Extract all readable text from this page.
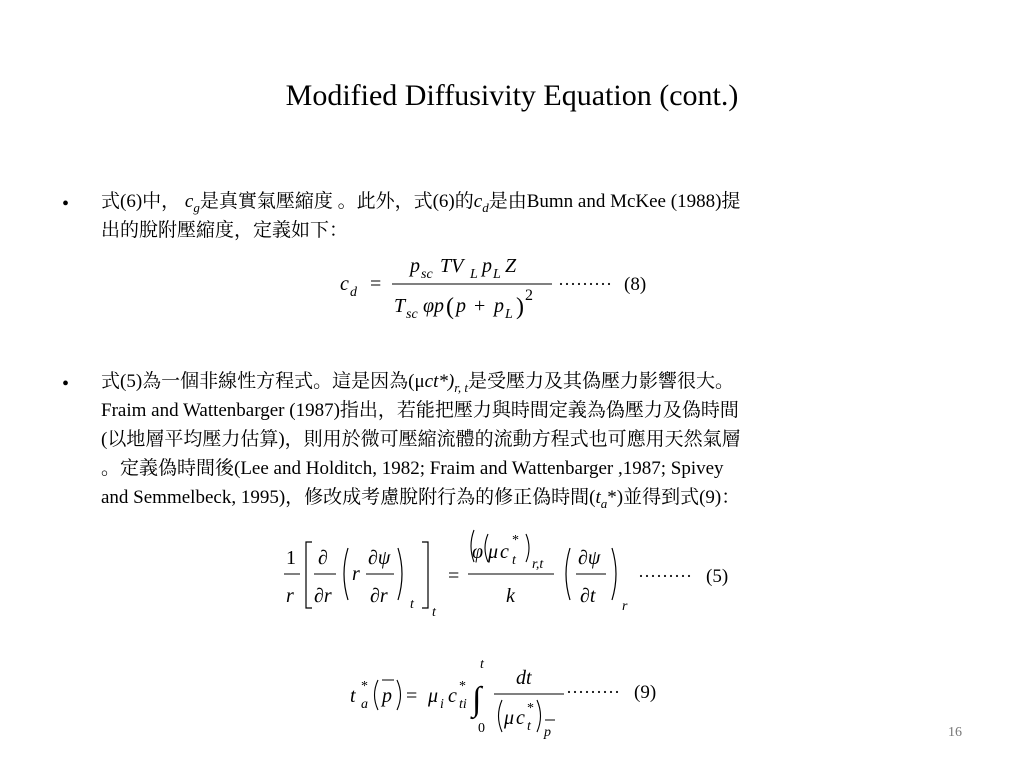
Modified Diffusivity Equation (cont.)
• 式(6)中， $c_g$是真實氣壓縮度 。此外，式(6)的$c_d$是由Bumn and McKee (1988)提
出的脫附壓縮度，定義如下：
c d =
p sc TV L p L Z
T sc φ p ( p + p L ) 2
········· (8)
• 式(5)為一個非線性方程式。這是因為$(\mu ct*)_{r, t}$是受壓力及其偽壓力影響很大。
Fraim and Wattenbarger (1987)指出，若能把壓力與時間定義為偽壓力及偽時間
(以地層平均壓力估算)，則用於微可壓縮流體的流動方程式也可應用天然氣層
。定義偽時間後(Lee and Holditch, 1982; Fraim and Wattenbarger ,1987; Spivey
and Semmelbeck, 1995)，修改成考慮脫附行為的修正偽時間$(t_a*)$並得到式(9)：
1
r
∂
∂r
r
∂ψ
∂r t
t
=
φ μ c
*
t r,t
k
∂ψ
∂t r
········· (5)
t *
a p = μ i c *
ti ∫
t
0
dt
μ c *
t p
········· (9)
16
